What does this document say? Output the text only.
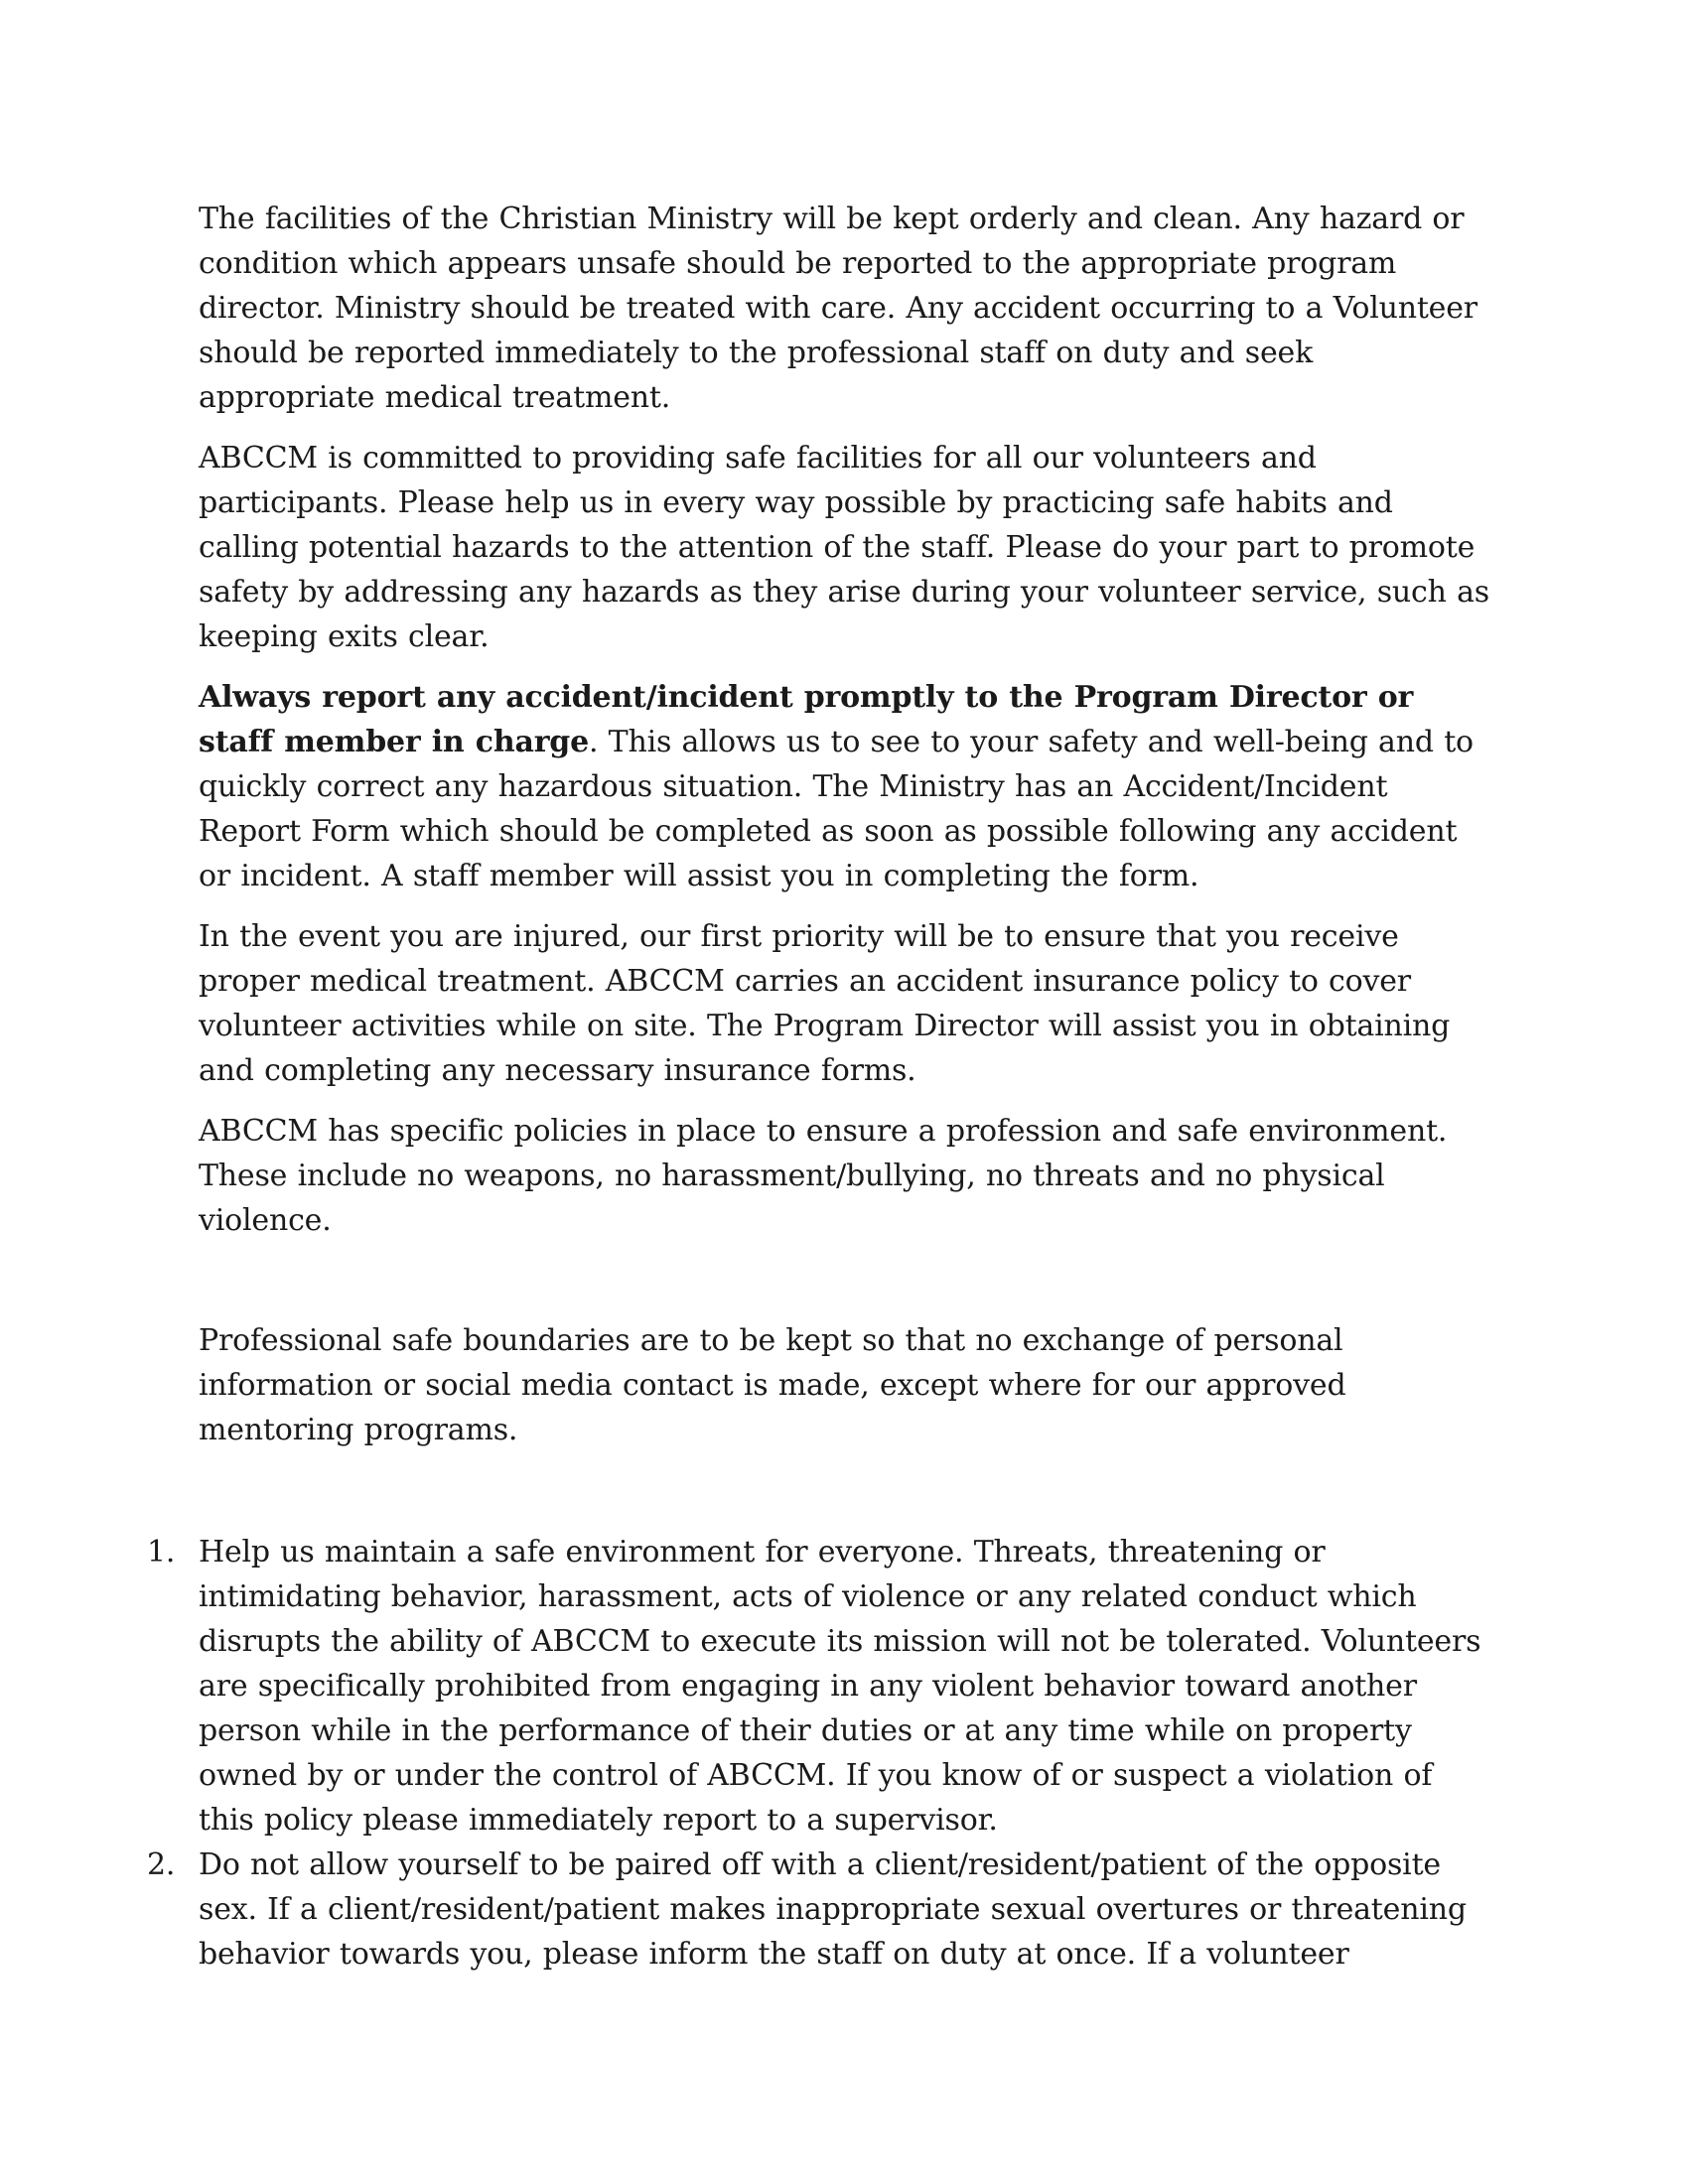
The facilities of the Christian Ministry will be kept orderly and clean. Any hazard or condition which appears unsafe should be reported to the appropriate program director. Ministry should be treated with care. Any accident occurring to a Volunteer should be reported immediately to the professional staff on duty and seek appropriate medical treatment.

ABCCM is committed to providing safe facilities for all our volunteers and participants. Please help us in every way possible by practicing safe habits and calling potential hazards to the attention of the staff. Please do your part to promote safety by addressing any hazards as they arise during your volunteer service, such as keeping exits clear.

Always report any accident/incident promptly to the Program Director or staff member in charge. This allows us to see to your safety and well-being and to quickly correct any hazardous situation. The Ministry has an Accident/Incident Report Form which should be completed as soon as possible following any accident or incident. A staff member will assist you in completing the form.

In the event you are injured, our first priority will be to ensure that you receive proper medical treatment. ABCCM carries an accident insurance policy to cover volunteer activities while on site. The Program Director will assist you in obtaining and completing any necessary insurance forms.

ABCCM has specific policies in place to ensure a profession and safe environment. These include no weapons, no harassment/bullying, no threats and no physical violence.

Professional safe boundaries are to be kept so that no exchange of personal information or social media contact is made, except where for our approved mentoring programs.

1. Help us maintain a safe environment for everyone. Threats, threatening or intimidating behavior, harassment, acts of violence or any related conduct which disrupts the ability of ABCCM to execute its mission will not be tolerated. Volunteers are specifically prohibited from engaging in any violent behavior toward another person while in the performance of their duties or at any time while on property owned by or under the control of ABCCM. If you know of or suspect a violation of this policy please immediately report to a supervisor.
2. Do not allow yourself to be paired off with a client/resident/patient of the opposite sex. If a client/resident/patient makes inappropriate sexual overtures or threatening behavior towards you, please inform the staff on duty at once. If a volunteer
